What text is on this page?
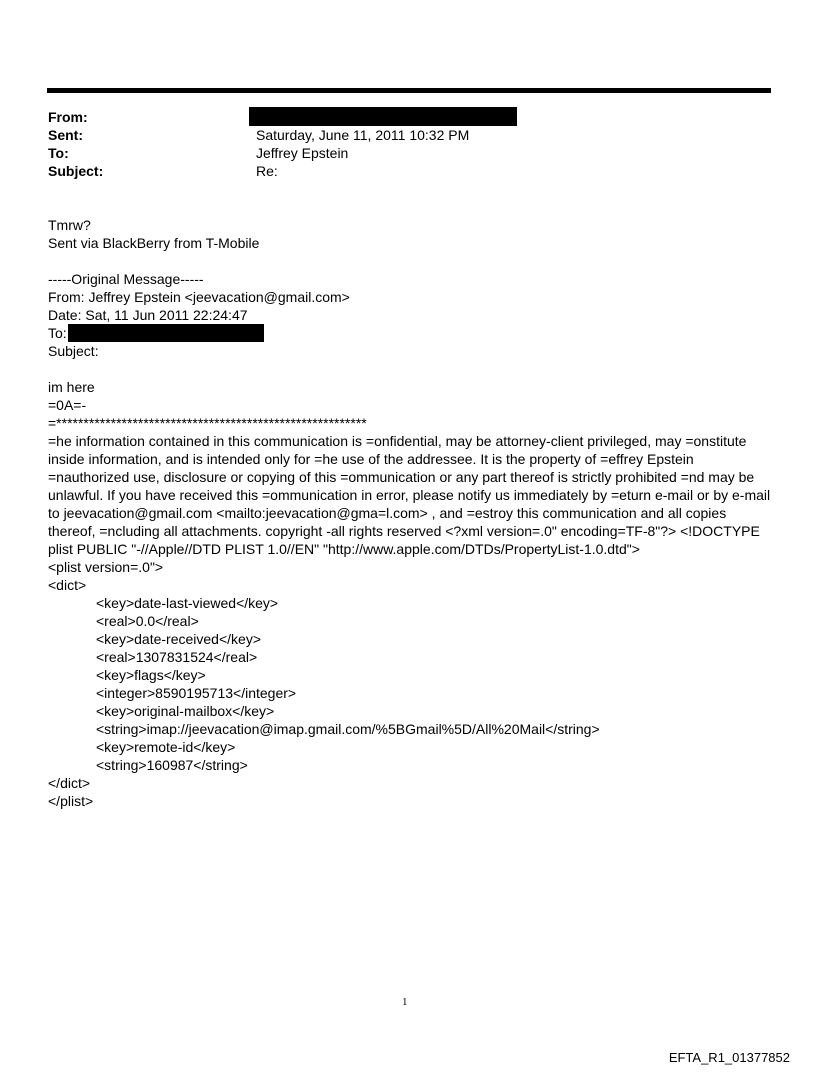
From:
Sent:	Saturday, June 11, 2011 10:32 PM
To:	Jeffrey Epstein
Subject:	Re:
Tmrw?
Sent via BlackBerry from T-Mobile
-----Original Message-----
From: Jeffrey Epstein <jeevacation@gmail.com>
Date: Sat, 11 Jun 2011 22:24:47
To:
Subject:
im here
=0A=-
=*********************************************************
=he information contained in this communication is =onfidential, may be attorney-client privileged, may =onstitute inside information, and is intended only for =he use of the addressee. It is the property of =effrey Epstein =nauthorized use, disclosure or copying of this =ommunication or any part thereof is strictly prohibited =nd may be unlawful. If you have received this =ommunication in error, please notify us immediately by =eturn e-mail or by e-mail to jeevacation@gmail.com <mailto:jeevacation@gma=l.com> , and =estroy this communication and all copies thereof, =ncluding all attachments. copyright -all rights reserved <?xml version=.0" encoding=TF-8"?> <!DOCTYPE plist PUBLIC "-//Apple//DTD PLIST 1.0//EN" "http://www.apple.com/DTDs/PropertyList-1.0.dtd">
<plist version=.0">
<dict>
<key>date-last-viewed</key>
<real>0.0</real>
<key>date-received</key>
<real>1307831524</real>
<key>flags</key>
<integer>8590195713</integer>
<key>original-mailbox</key>
<string>imap://jeevacation@imap.gmail.com/%5BGmail%5D/All%20Mail</string>
<key>remote-id</key>
<string>160987</string>
</dict>
</plist>
1
EFTA_R1_01377852
